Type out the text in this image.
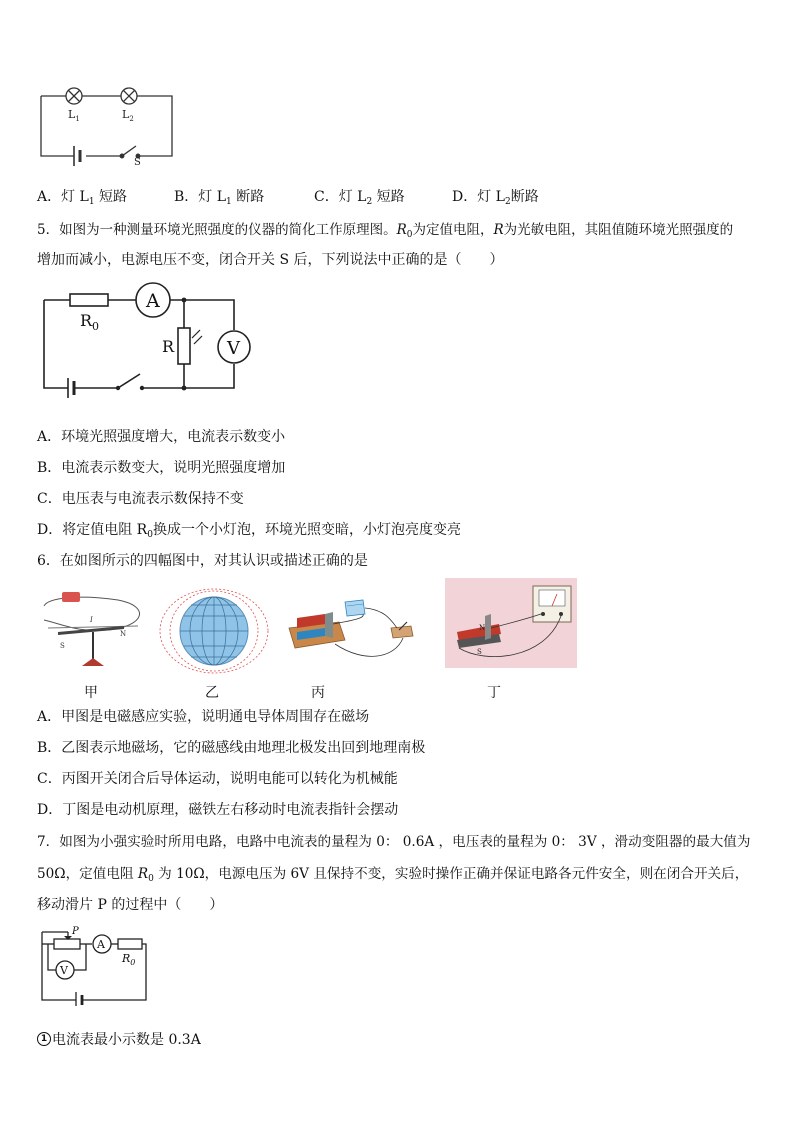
$L_1$	$L_2$
S
A．灯 $L_1$ 短路	B．灯 $L_1$ 断路	C．灯 $L_2$ 短路	D．灯 $L_2$断路
5．如图为一种测量环境光照强度的仪器的简化工作原理图。$R_0$为定值电阻，R为光敏电阻，其阻值随环境光照强度的
增加而减小，电源电压不变，闭合开关 S 后，下列说法中正确的是（　　）
$R_0$
A
R	V
A．环境光照强度增大，电流表示数变小
B．电流表示数变大，说明光照强度增加
C．电压表与电流表示数保持不变
D．将定值电阻 $R_0$换成一个小灯泡，环境光照变暗，小灯泡亮度变亮
6．在如图所示的四幅图中，对其认识或描述正确的是
S
N
I
N
S
甲	乙	丙	丁
A．甲图是电磁感应实验，说明通电导体周围存在磁场
B．乙图表示地磁场，它的磁感线由地理北极发出回到地理南极
C．丙图开关闭合后导体运动，说明电能可以转化为机械能
D．丁图是电动机原理，磁铁左右移动时电流表指针会摆动
7．如图为小强实验时所用电路，电路中电流表的量程为 0： 0.6A ，电压表的量程为 0： 3V ，滑动变阻器的最大值为
50Ω，定值电阻 $R_0$ 为 10Ω，电源电压为 6V 且保持不变，实验时操作正确并保证电路各元件安全，则在闭合开关后，
移动滑片 P 的过程中（　　）
P
A
V
$R_0$
1 电流表最小示数是 0.3A
